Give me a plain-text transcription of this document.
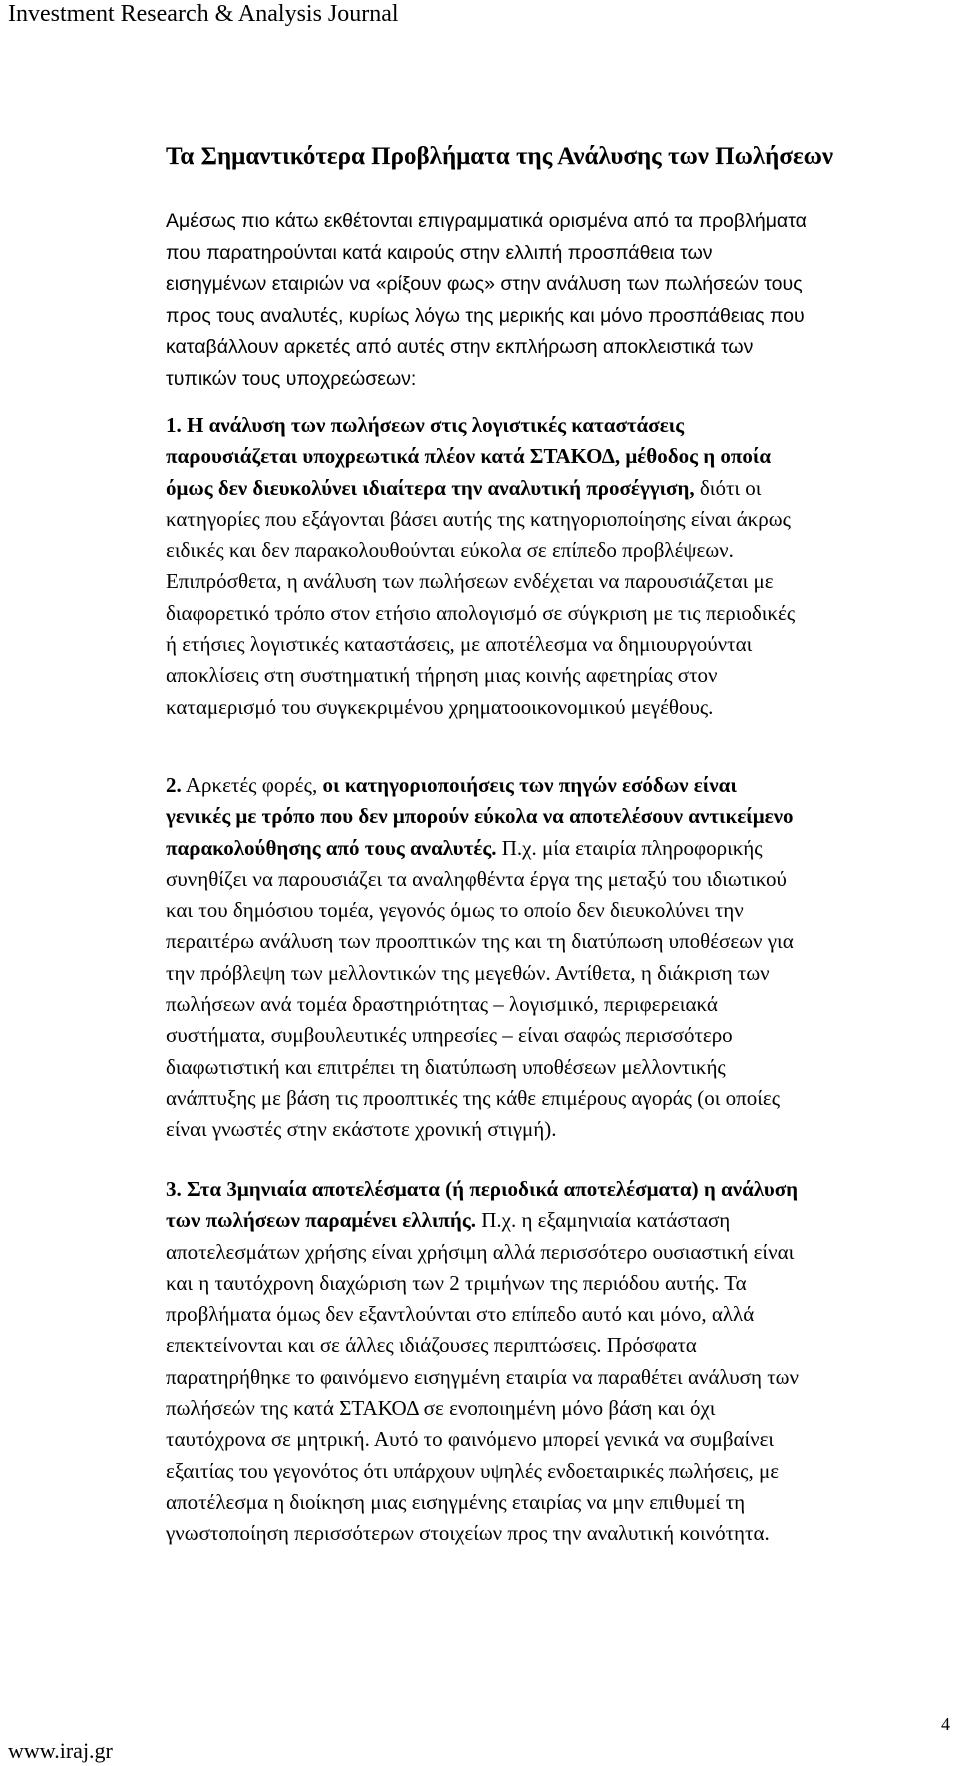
Investment Research & Analysis Journal
Τα Σημαντικότερα Προβλήματα της Ανάλυσης των Πωλήσεων
Αμέσως πιο κάτω εκθέτονται επιγραμματικά ορισμένα από τα προβλήματα
που παρατηρούνται κατά καιρούς στην ελλιπή προσπάθεια των
εισηγμένων εταιριών να «ρίξουν φως» στην ανάλυση των πωλήσεών τους
προς τους αναλυτές, κυρίως λόγω της μερικής και μόνο προσπάθειας που
καταβάλλουν αρκετές από αυτές στην εκπλήρωση αποκλειστικά των
τυπικών τους υποχρεώσεων:
1. Η ανάλυση των πωλήσεων στις λογιστικές καταστάσεις
παρουσιάζεται υποχρεωτικά πλέον κατά ΣΤΑΚΟΔ, μέθοδος η οποία
όμως δεν διευκολύνει ιδιαίτερα την αναλυτική προσέγγιση, διότι οι
κατηγορίες που εξάγονται βάσει αυτής της κατηγοριοποίησης είναι άκρως
ειδικές και δεν παρακολουθούνται εύκολα σε επίπεδο προβλέψεων.
Επιπρόσθετα, η ανάλυση των πωλήσεων ενδέχεται να παρουσιάζεται με
διαφορετικό τρόπο στον ετήσιο απολογισμό σε σύγκριση με τις περιοδικές
ή ετήσιες λογιστικές καταστάσεις, με αποτέλεσμα να δημιουργούνται
αποκλίσεις στη συστηματική τήρηση μιας κοινής αφετηρίας στον
καταμερισμό του συγκεκριμένου χρηματοοικονομικού μεγέθους.
2. Αρκετές φορές, οι κατηγοριοποιήσεις των πηγών εσόδων είναι
γενικές με τρόπο που δεν μπορούν εύκολα να αποτελέσουν αντικείμενο
παρακολούθησης από τους αναλυτές. Π.χ. μία εταιρία πληροφορικής
συνηθίζει να παρουσιάζει τα αναληφθέντα έργα της μεταξύ του ιδιωτικού
και του δημόσιου τομέα, γεγονός όμως το οποίο δεν διευκολύνει την
περαιτέρω ανάλυση των προοπτικών της και τη διατύπωση υποθέσεων για
την πρόβλεψη των μελλοντικών της μεγεθών. Αντίθετα, η διάκριση των
πωλήσεων ανά τομέα δραστηριότητας – λογισμικό, περιφερειακά
συστήματα, συμβουλευτικές υπηρεσίες – είναι σαφώς περισσότερο
διαφωτιστική και επιτρέπει τη διατύπωση υποθέσεων μελλοντικής
ανάπτυξης με βάση τις προοπτικές της κάθε επιμέρους αγοράς (οι οποίες
είναι γνωστές στην εκάστοτε χρονική στιγμή).
3. Στα 3μηνιαία αποτελέσματα (ή περιοδικά αποτελέσματα) η ανάλυση
των πωλήσεων παραμένει ελλιπής. Π.χ. η εξαμηνιαία κατάσταση
αποτελεσμάτων χρήσης είναι χρήσιμη αλλά περισσότερο ουσιαστική είναι
και η ταυτόχρονη διαχώριση των 2 τριμήνων της περιόδου αυτής. Τα
προβλήματα όμως δεν εξαντλούνται στο επίπεδο αυτό και μόνο, αλλά
επεκτείνονται και σε άλλες ιδιάζουσες περιπτώσεις. Πρόσφατα
παρατηρήθηκε το φαινόμενο εισηγμένη εταιρία να παραθέτει ανάλυση των
πωλήσεών της κατά ΣΤΑΚΟΔ σε ενοποιημένη μόνο βάση και όχι
ταυτόχρονα σε μητρική. Αυτό το φαινόμενο μπορεί γενικά να συμβαίνει
εξαιτίας του γεγονότος ότι υπάρχουν υψηλές ενδοεταιρικές πωλήσεις, με
αποτέλεσμα η διοίκηση μιας εισηγμένης εταιρίας να μην επιθυμεί τη
γνωστοποίηση περισσότερων στοιχείων προς την αναλυτική κοινότητα.
4
www.iraj.gr
